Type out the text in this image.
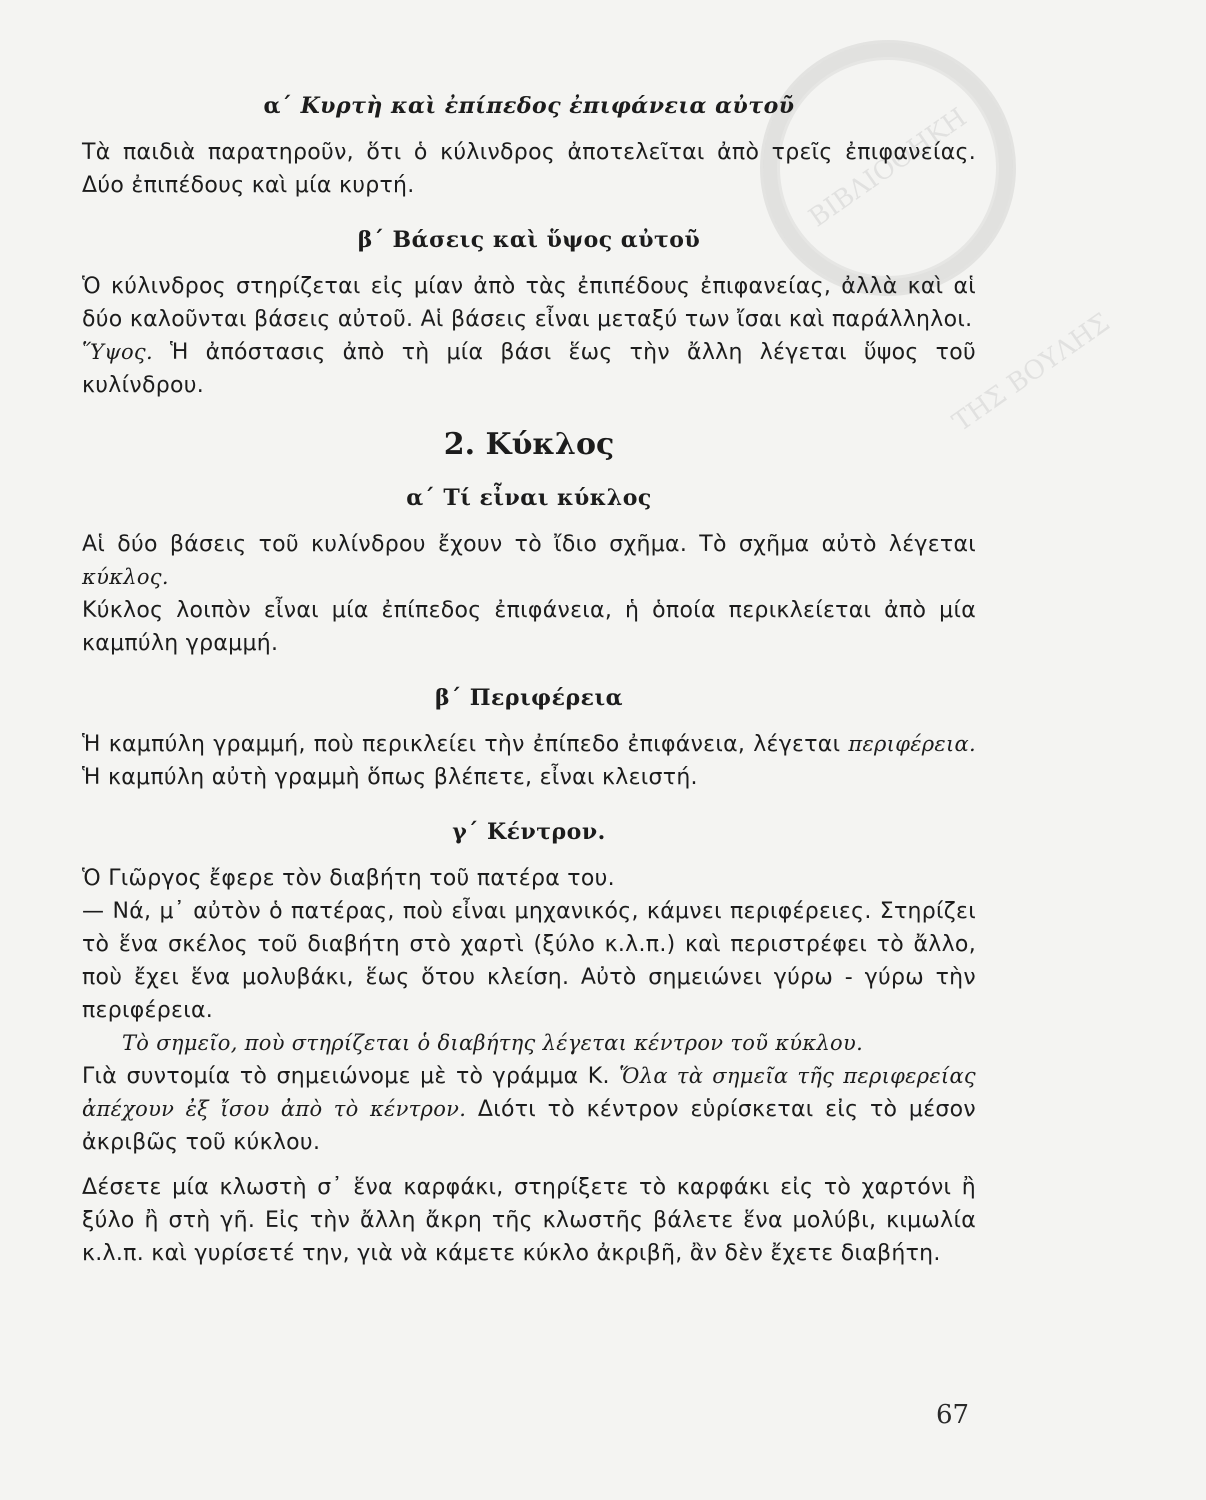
ΒΙΒΛΙΟΘΗΚΗ ΤΗΣ ΒΟΥΛΗΣ
α΄ Κυρτὴ καὶ ἐπίπεδος ἐπιφάνεια αὐτοῦ

Τὰ παιδιὰ παρατηροῦν, ὅτι ὁ κύλινδρος ἀποτελεῖται ἀπὸ τρεῖς ἐπιφανείας. Δύο ἐπιπέδους καὶ μία κυρτή.

β΄ Βάσεις καὶ ὕψος αὐτοῦ

Ὁ κύλινδρος στηρίζεται εἰς μίαν ἀπὸ τὰς ἐπιπέδους ἐπιφανείας, ἀλλὰ καὶ αἱ δύο καλοῦνται βάσεις αὐτοῦ. Αἱ βάσεις εἶναι μεταξύ των ἴσαι καὶ παράλληλοι.

Ὕψος. Ἡ ἀπόστασις ἀπὸ τὴ μία βάσι ἕως τὴν ἄλλη λέγεται ὕψος τοῦ κυλίνδρου.

2. Κύκλος
α΄ Τί εἶναι κύκλος

Αἱ δύο βάσεις τοῦ κυλίνδρου ἔχουν τὸ ἴδιο σχῆμα. Τὸ σχῆμα αὐτὸ λέγεται κύκλος.

Κύκλος λοιπὸν εἶναι μία ἐπίπεδος ἐπιφάνεια, ἡ ὁποία περικλείεται ἀπὸ μία καμπύλη γραμμή.

β΄ Περιφέρεια

Ἡ καμπύλη γραμμή, ποὺ περικλείει τὴν ἐπίπεδο ἐπιφάνεια, λέγεται περιφέρεια. Ἡ καμπύλη αὐτὴ γραμμὴ ὅπως βλέπετε, εἶναι κλειστή.

γ΄ Κέντρον.

Ὁ Γιῶργος ἔφερε τὸν διαβήτη τοῦ πατέρα του.

— Νά, μ᾿ αὐτὸν ὁ πατέρας, ποὺ εἶναι μηχανικός, κάμνει περιφέρειες. Στηρίζει τὸ ἕνα σκέλος τοῦ διαβήτη στὸ χαρτὶ (ξύλο κ.λ.π.) καὶ περιστρέφει τὸ ἄλλο, ποὺ ἔχει ἕνα μολυβάκι, ἕως ὅτου κλείση. Αὐτὸ σημειώνει γύρω - γύρω τὴν περιφέρεια.

Τὸ σημεῖο, ποὺ στηρίζεται ὁ διαβήτης λέγεται κέντρον τοῦ κύκλου.

Γιὰ συντομία τὸ σημειώνομε μὲ τὸ γράμμα Κ. Ὅλα τὰ σημεῖα τῆς περιφερείας ἀπέχουν ἐξ ἴσου ἀπὸ τὸ κέντρον. Διότι τὸ κέντρον εὑρίσκεται εἰς τὸ μέσον ἀκριβῶς τοῦ κύκλου.

Δέσετε μία κλωστὴ σ᾿ ἕνα καρφάκι, στηρίξετε τὸ καρφάκι εἰς τὸ χαρτόνι ἢ ξύλο ἢ στὴ γῆ. Εἰς τὴν ἄλλη ἄκρη τῆς κλωστῆς βάλετε ἕνα μολύβι, κιμωλία κ.λ.π. καὶ γυρίσετέ την, γιὰ νὰ κάμετε κύκλο ἀκριβῆ, ἂν δὲν ἔχετε διαβήτη.

67
